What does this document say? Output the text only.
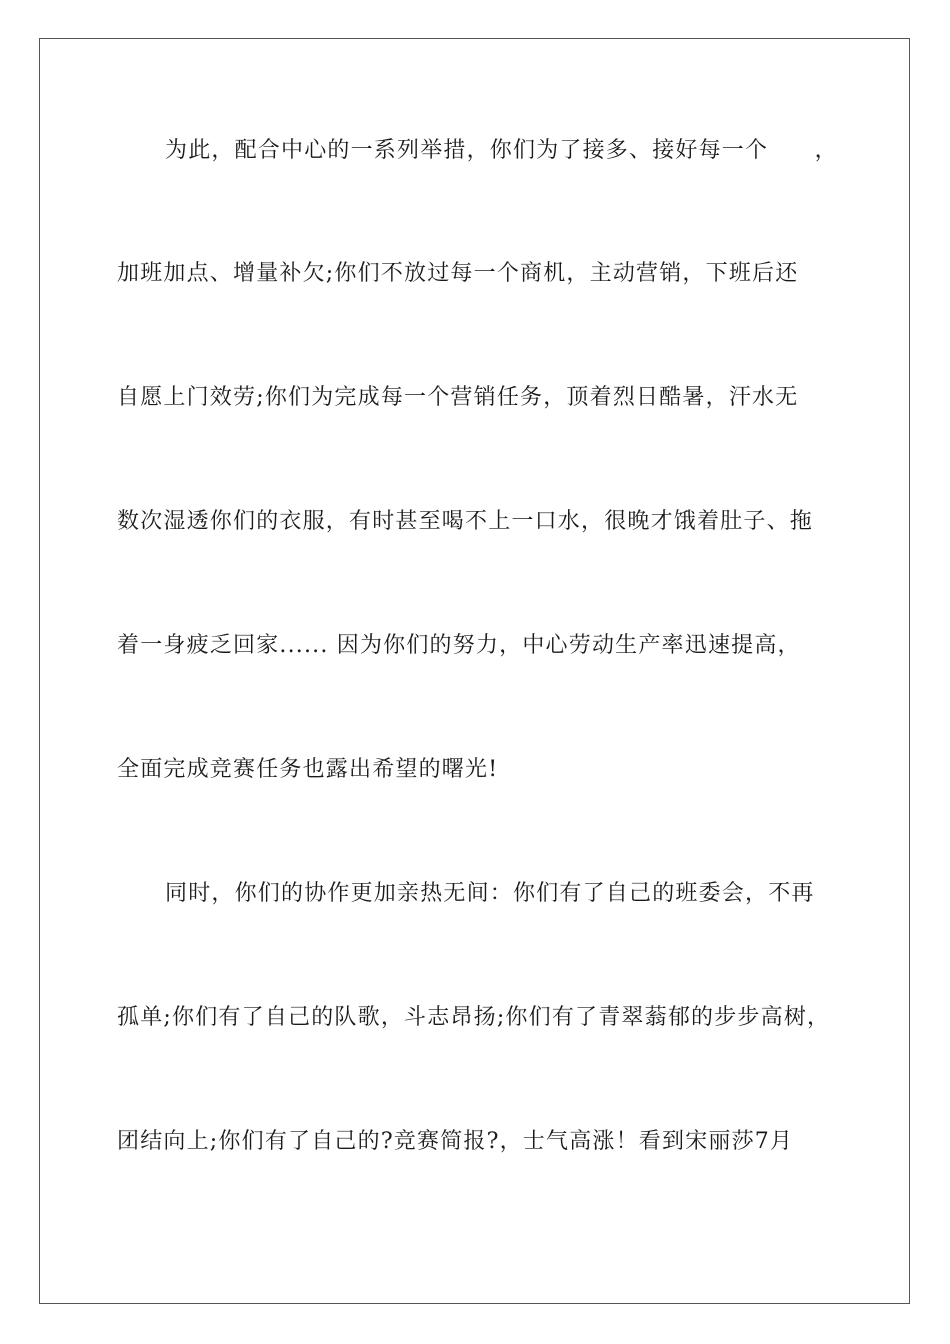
为此，配合中心的一系列举措，你们为了接多、接好每一个　　，
加班加点、增量补欠;你们不放过每一个商机，主动营销，下班后还
自愿上门效劳;你们为完成每一个营销任务，顶着烈日酷暑，汗水无
数次湿透你们的衣服，有时甚至喝不上一口水，很晚才饿着肚子、拖
着一身疲乏回家...... 因为你们的努力，中心劳动生产率迅速提高，
全面完成竞赛任务也露出希望的曙光!
同时，你们的协作更加亲热无间：你们有了自己的班委会，不再
孤单;你们有了自己的队歌，斗志昂扬;你们有了青翠蓊郁的步步高树，
团结向上;你们有了自己的?竞赛简报?，士气高涨！看到宋丽莎7月
